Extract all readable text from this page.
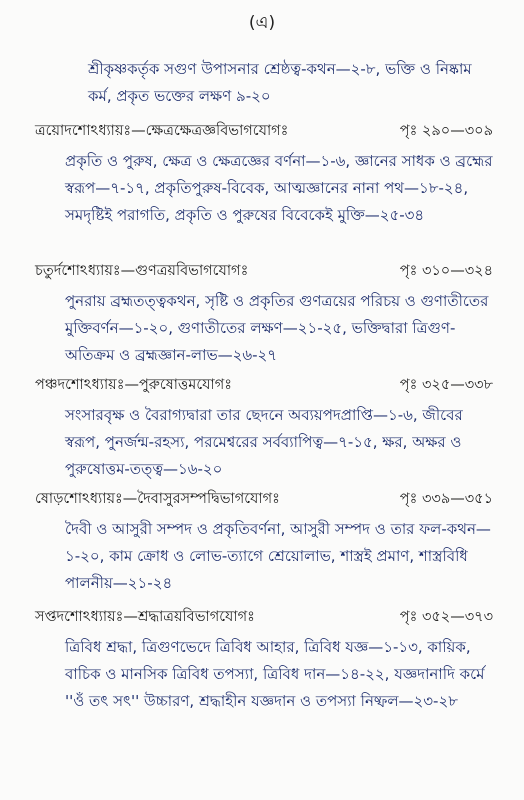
(এ)
শ্রীকৃষ্ণকর্তৃক সগুণ উপাসনার শ্রেষ্ঠত্ব-কথন—২-৮, ভক্তি ও নিষ্কাম কর্ম, প্রকৃত ভক্তের লক্ষণ ৯-২০
ত্রয়োদশোঽধ্যায়ঃ—ক্ষেত্রক্ষেত্রজ্ঞবিভাগযোগঃ	পৃঃ ২৯০—৩০৯
প্রকৃতি ও পুরুষ, ক্ষেত্র ও ক্ষেত্রজ্ঞের বর্ণনা—১-৬, জ্ঞানের সাধক ও ব্রহ্মের স্বরূপ—৭-১৭, প্রকৃতিপুরুষ-বিবেক, আত্মজ্ঞানের নানা পথ—১৮-২৪, সমদৃষ্টিই পরাগতি, প্রকৃতি ও পুরুষের বিবেকেই মুক্তি—২৫-৩৪
চতুর্দশোঽধ্যায়ঃ—গুণত্রয়বিভাগযোগঃ	পৃঃ ৩১০—৩২৪
পুনরায় ব্রহ্মতত্ত্বকথন, সৃষ্টি ও প্রকৃতির গুণত্রয়ের পরিচয় ও গুণাতীতের মুক্তিবর্ণন—১-২০, গুণাতীতের লক্ষণ—২১-২৫, ভক্তিদ্বারা ত্রিগুণ-অতিক্রম ও ব্রহ্মজ্ঞান-লাভ—২৬-২৭
পঞ্চদশোঽধ্যায়ঃ—পুরুষোত্তমযোগঃ	পৃঃ ৩২৫—৩৩৮
সংসারবৃক্ষ ও বৈরাগ্যদ্বারা তার ছেদনে অব্যয়পদপ্রাপ্তি—১-৬, জীবের স্বরূপ, পুনর্জন্ম-রহস্য, পরমেশ্বরের সর্বব্যাপিত্ব—৭-১৫, ক্ষর, অক্ষর ও পুরুষোত্তম-তত্ত্ব—১৬-২০
ষোড়শোঽধ্যায়ঃ—দৈবাসুরসম্পদ্বিভাগযোগঃ	পৃঃ ৩৩৯—৩৫১
দৈবী ও আসুরী সম্পদ ও প্রকৃতিবর্ণনা, আসুরী সম্পদ ও তার ফল-কথন—১-২০, কাম ক্রোধ ও লোভ-ত্যাগে শ্রেয়োলাভ, শাস্ত্রই প্রমাণ, শাস্ত্রবিধি পালনীয়—২১-২৪
সপ্তদশোঽধ্যায়ঃ—শ্রদ্ধাত্রয়বিভাগযোগঃ	পৃঃ ৩৫২—৩৭৩
ত্রিবিধ শ্রদ্ধা, ত্রিগুণভেদে ত্রিবিধ আহার, ত্রিবিধ যজ্ঞ—১-১৩, কায়িক, বাচিক ও মানসিক ত্রিবিধ তপস্যা, ত্রিবিধ দান—১৪-২২, যজ্ঞদানাদি কর্মে ''ওঁ তৎ সৎ'' উচ্চারণ, শ্রদ্ধাহীন যজ্ঞদান ও তপস্যা নিষ্ফল—২৩-২৮
